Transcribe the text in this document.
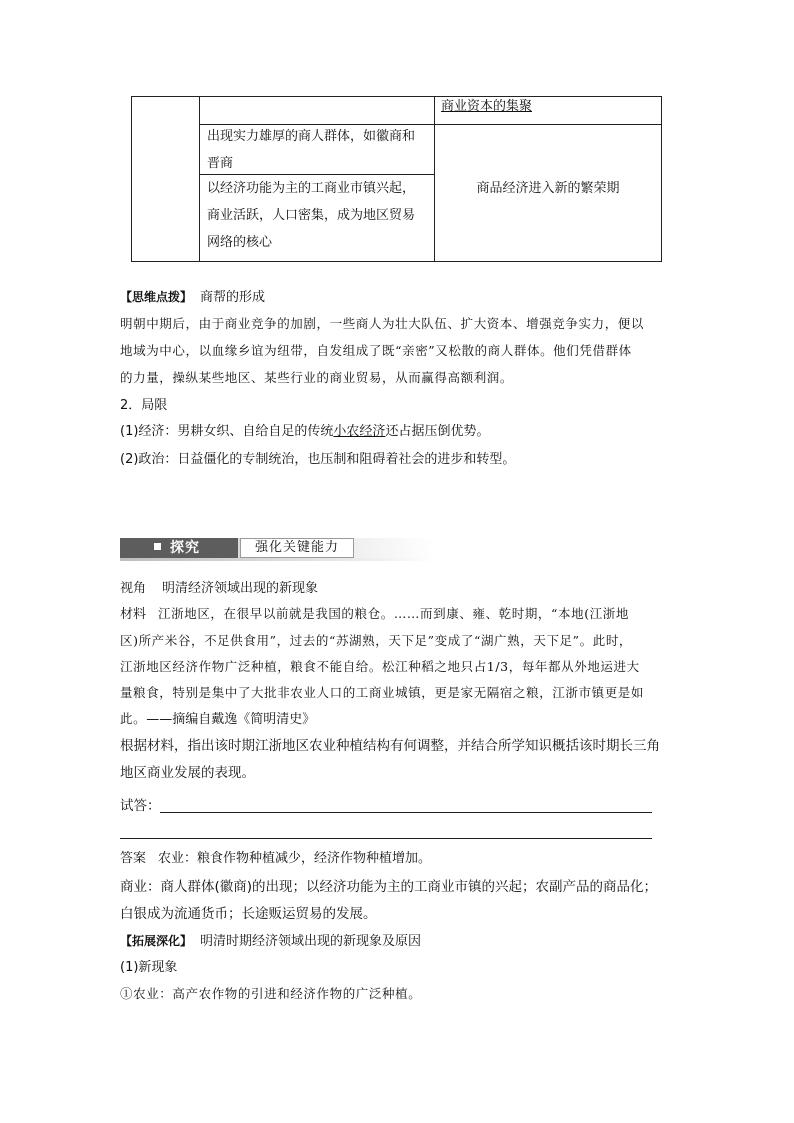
商业资本的集聚
出现实力雄厚的商人群体，如徽商和
晋商
以经济功能为主的工商业市镇兴起，
商业活跃，人口密集，成为地区贸易
网络的核心
商品经济进入新的繁荣期
【思维点拨】 商帮的形成
明朝中期后，由于商业竞争的加剧，一些商人为壮大队伍、扩大资本、增强竞争实力，便以
地域为中心，以血缘乡谊为纽带，自发组成了既“亲密”又松散的商人群体。他们凭借群体
的力量，操纵某些地区、某些行业的商业贸易，从而赢得高额利润。
2．局限
(1)经济：男耕女织、自给自足的传统小农经济还占据压倒优势。
(2)政治：日益僵化的专制统治，也压制和阻碍着社会的进步和转型。
探究	强化关键能力
视角 明清经济领域出现的新现象
材料 江浙地区，在很早以前就是我国的粮仓。……而到康、雍、乾时期，“本地(江浙地
区)所产米谷，不足供食用”，过去的“苏湖熟，天下足”变成了“湖广熟，天下足”。此时，
江浙地区经济作物广泛种植，粮食不能自给。松江种稻之地只占1/3，每年都从外地运进大
量粮食，特别是集中了大批非农业人口的工商业城镇，更是家无隔宿之粮，江浙市镇更是如
此。——摘编自戴逸《简明清史》
根据材料，指出该时期江浙地区农业种植结构有何调整，并结合所学知识概括该时期长三角
地区商业发展的表现。
试答：
答案 农业：粮食作物种植减少，经济作物种植增加。
商业：商人群体(徽商)的出现；以经济功能为主的工商业市镇的兴起；农副产品的商品化；
白银成为流通货币；长途贩运贸易的发展。
【拓展深化】 明清时期经济领域出现的新现象及原因
(1)新现象
①农业：高产农作物的引进和经济作物的广泛种植。
